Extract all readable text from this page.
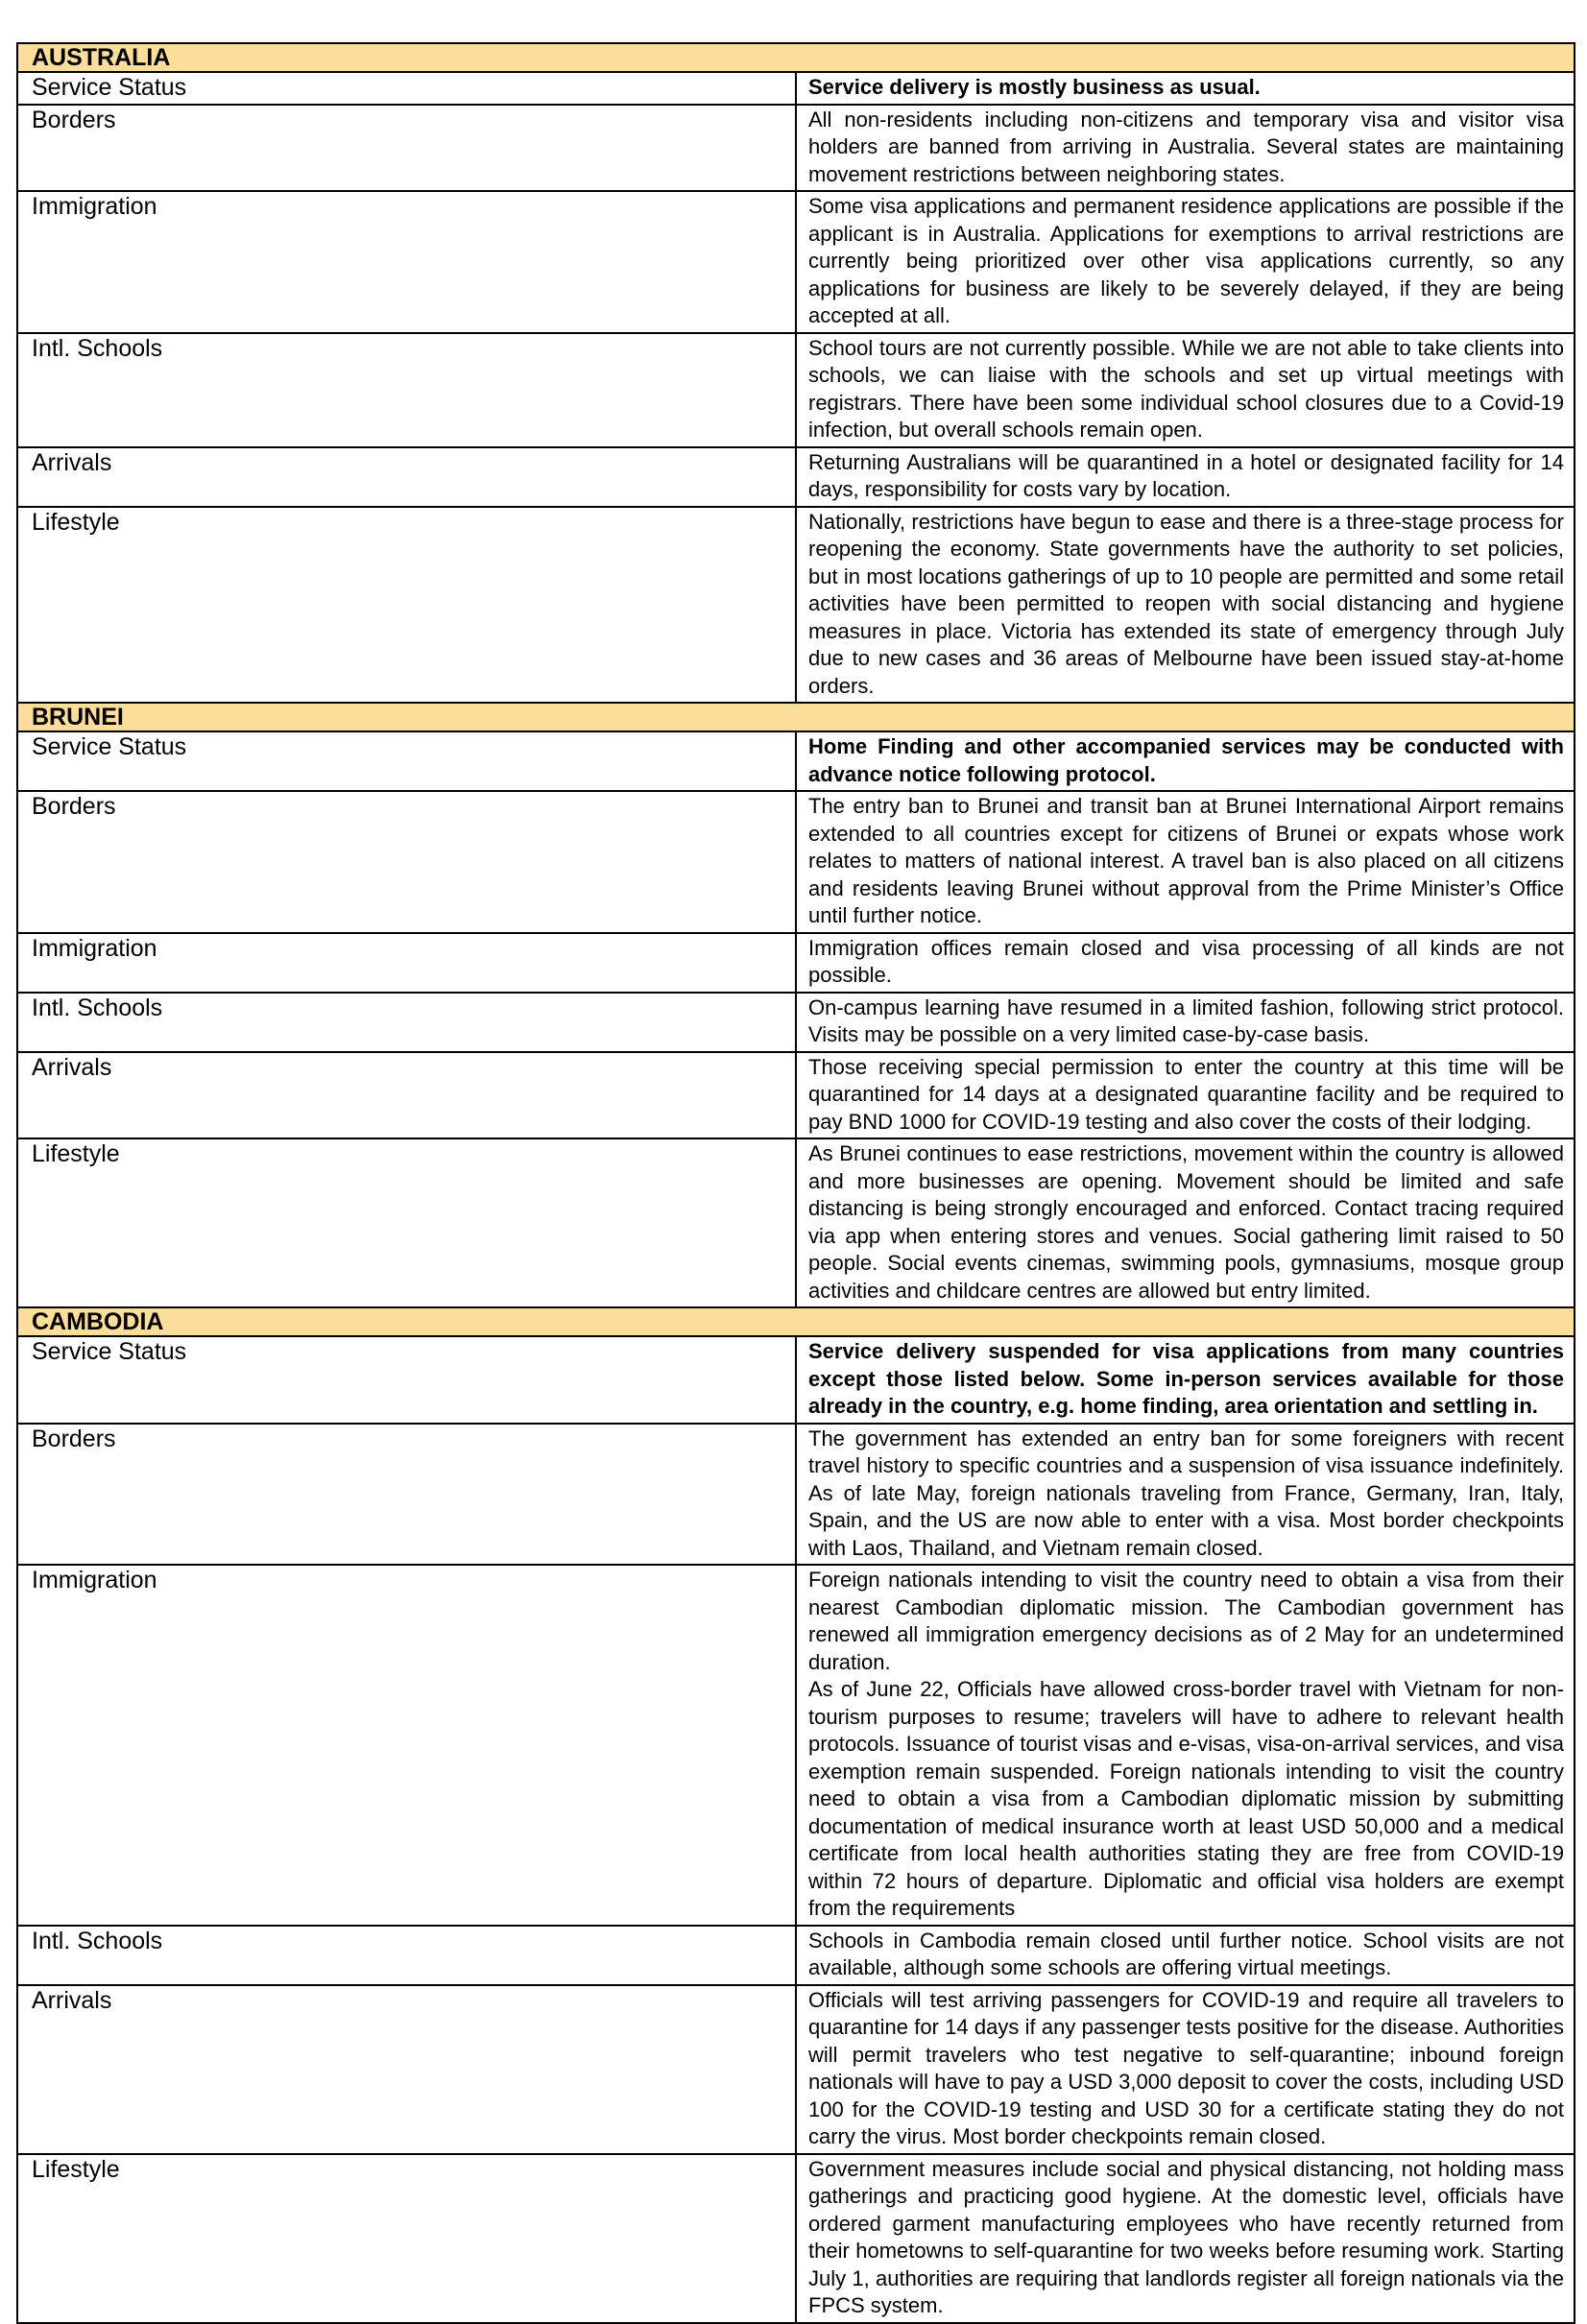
AUSTRALIA	
Service Status	Service delivery is mostly business as usual.
Borders	All non-residents including non-citizens and temporary visa and visitor visa holders are banned from arriving in Australia. Several states are maintaining movement restrictions between neighboring states.
Immigration	Some visa applications and permanent residence applications are possible if the applicant is in Australia. Applications for exemptions to arrival restrictions are currently being prioritized over other visa applications currently, so any applications for business are likely to be severely delayed, if they are being accepted at all.
Intl. Schools	School tours are not currently possible. While we are not able to take clients into schools, we can liaise with the schools and set up virtual meetings with registrars. There have been some individual school closures due to a Covid-19 infection, but overall schools remain open.
Arrivals	Returning Australians will be quarantined in a hotel or designated facility for 14 days, responsibility for costs vary by location.
Lifestyle	Nationally, restrictions have begun to ease and there is a three-stage process for reopening the economy. State governments have the authority to set policies, but in most locations gatherings of up to 10 people are permitted and some retail activities have been permitted to reopen with social distancing and hygiene measures in place. Victoria has extended its state of emergency through July due to new cases and 36 areas of Melbourne have been issued stay-at-home orders.
BRUNEI	
Service Status	Home Finding and other accompanied services may be conducted with advance notice following protocol.
Borders	The entry ban to Brunei and transit ban at Brunei International Airport remains extended to all countries except for citizens of Brunei or expats whose work relates to matters of national interest. A travel ban is also placed on all citizens and residents leaving Brunei without approval from the Prime Minister’s Office until further notice.
Immigration	Immigration offices remain closed and visa processing of all kinds are not possible.
Intl. Schools	On-campus learning have resumed in a limited fashion, following strict protocol. Visits may be possible on a very limited case-by-case basis.
Arrivals	Those receiving special permission to enter the country at this time will be quarantined for 14 days at a designated quarantine facility and be required to pay BND 1000 for COVID-19 testing and also cover the costs of their lodging.
Lifestyle	As Brunei continues to ease restrictions, movement within the country is allowed and more businesses are opening. Movement should be limited and safe distancing is being strongly encouraged and enforced. Contact tracing required via app when entering stores and venues. Social gathering limit raised to 50 people. Social events cinemas, swimming pools, gymnasiums, mosque group activities and childcare centres are allowed but entry limited.
CAMBODIA	
Service Status	Service delivery suspended for visa applications from many countries except those listed below. Some in-person services available for those already in the country, e.g. home finding, area orientation and settling in.
Borders	The government has extended an entry ban for some foreigners with recent travel history to specific countries and a suspension of visa issuance indefinitely. As of late May, foreign nationals traveling from France, Germany, Iran, Italy, Spain, and the US are now able to enter with a visa. Most border checkpoints with Laos, Thailand, and Vietnam remain closed.
Immigration	Foreign nationals intending to visit the country need to obtain a visa from their nearest Cambodian diplomatic mission. The Cambodian government has renewed all immigration emergency decisions as of 2 May for an undetermined duration.
As of June 22, Officials have allowed cross-border travel with Vietnam for non-tourism purposes to resume; travelers will have to adhere to relevant health protocols. Issuance of tourist visas and e-visas, visa-on-arrival services, and visa exemption remain suspended. Foreign nationals intending to visit the country need to obtain a visa from a Cambodian diplomatic mission by submitting documentation of medical insurance worth at least USD 50,000 and a medical certificate from local health authorities stating they are free from COVID-19 within 72 hours of departure. Diplomatic and official visa holders are exempt from the requirements

Intl. Schools	Schools in Cambodia remain closed until further notice. School visits are not available, although some schools are offering virtual meetings.
Arrivals	Officials will test arriving passengers for COVID-19 and require all travelers to quarantine for 14 days if any passenger tests positive for the disease. Authorities will permit travelers who test negative to self-quarantine; inbound foreign nationals will have to pay a USD 3,000 deposit to cover the costs, including USD 100 for the COVID-19 testing and USD 30 for a certificate stating they do not carry the virus. Most border checkpoints remain closed.
Lifestyle	Government measures include social and physical distancing, not holding mass gatherings and practicing good hygiene. At the domestic level, officials have ordered garment manufacturing employees who have recently returned from their hometowns to self-quarantine for two weeks before resuming work. Starting July 1, authorities are requiring that landlords register all foreign nationals via the FPCS system.
